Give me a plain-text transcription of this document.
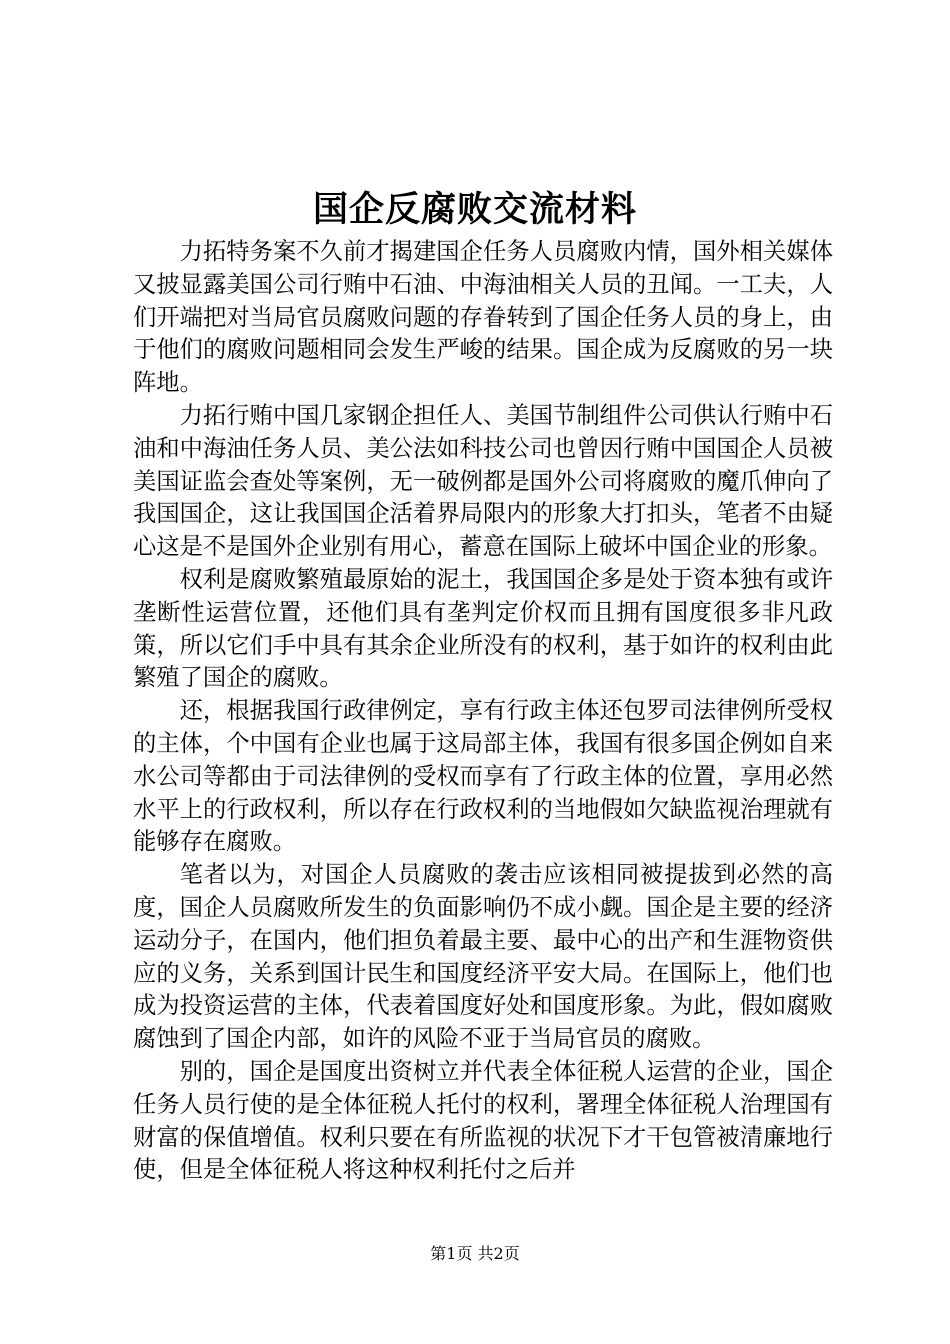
国企反腐败交流材料

力拓特务案不久前才揭建国企任务人员腐败内情，国外相关媒体又披显露美国公司行贿中石油、中海油相关人员的丑闻。一工夫，人们开端把对当局官员腐败问题的存眷转到了国企任务人员的身上，由于他们的腐败问题相同会发生严峻的结果。国企成为反腐败的另一块阵地。

力拓行贿中国几家钢企担任人、美国节制组件公司供认行贿中石油和中海油任务人员、美公法如科技公司也曾因行贿中国国企人员被美国证监会查处等案例，无一破例都是国外公司将腐败的魔爪伸向了我国国企，这让我国国企活着界局限内的形象大打扣头，笔者不由疑心这是不是国外企业别有用心，蓄意在国际上破坏中国企业的形象。

权利是腐败繁殖最原始的泥土，我国国企多是处于资本独有或许垄断性运营位置，还他们具有垄判定价权而且拥有国度很多非凡政策，所以它们手中具有其余企业所没有的权利，基于如许的权利由此繁殖了国企的腐败。

还，根据我国行政律例定，享有行政主体还包罗司法律例所受权的主体，个中国有企业也属于这局部主体，我国有很多国企例如自来水公司等都由于司法律例的受权而享有了行政主体的位置，享用必然水平上的行政权利，所以存在行政权利的当地假如欠缺监视治理就有能够存在腐败。

笔者以为，对国企人员腐败的袭击应该相同被提拔到必然的高度，国企人员腐败所发生的负面影响仍不成小觑。国企是主要的经济运动分子，在国内，他们担负着最主要、最中心的出产和生涯物资供应的义务，关系到国计民生和国度经济平安大局。在国际上，他们也成为投资运营的主体，代表着国度好处和国度形象。为此，假如腐败腐蚀到了国企内部，如许的风险不亚于当局官员的腐败。

别的，国企是国度出资树立并代表全体征税人运营的企业，国企任务人员行使的是全体征税人托付的权利，署理全体征税人治理国有财富的保值增值。权利只要在有所监视的状况下才干包管被清廉地行使，但是全体征税人将这种权利托付之后并

第1页 共2页
